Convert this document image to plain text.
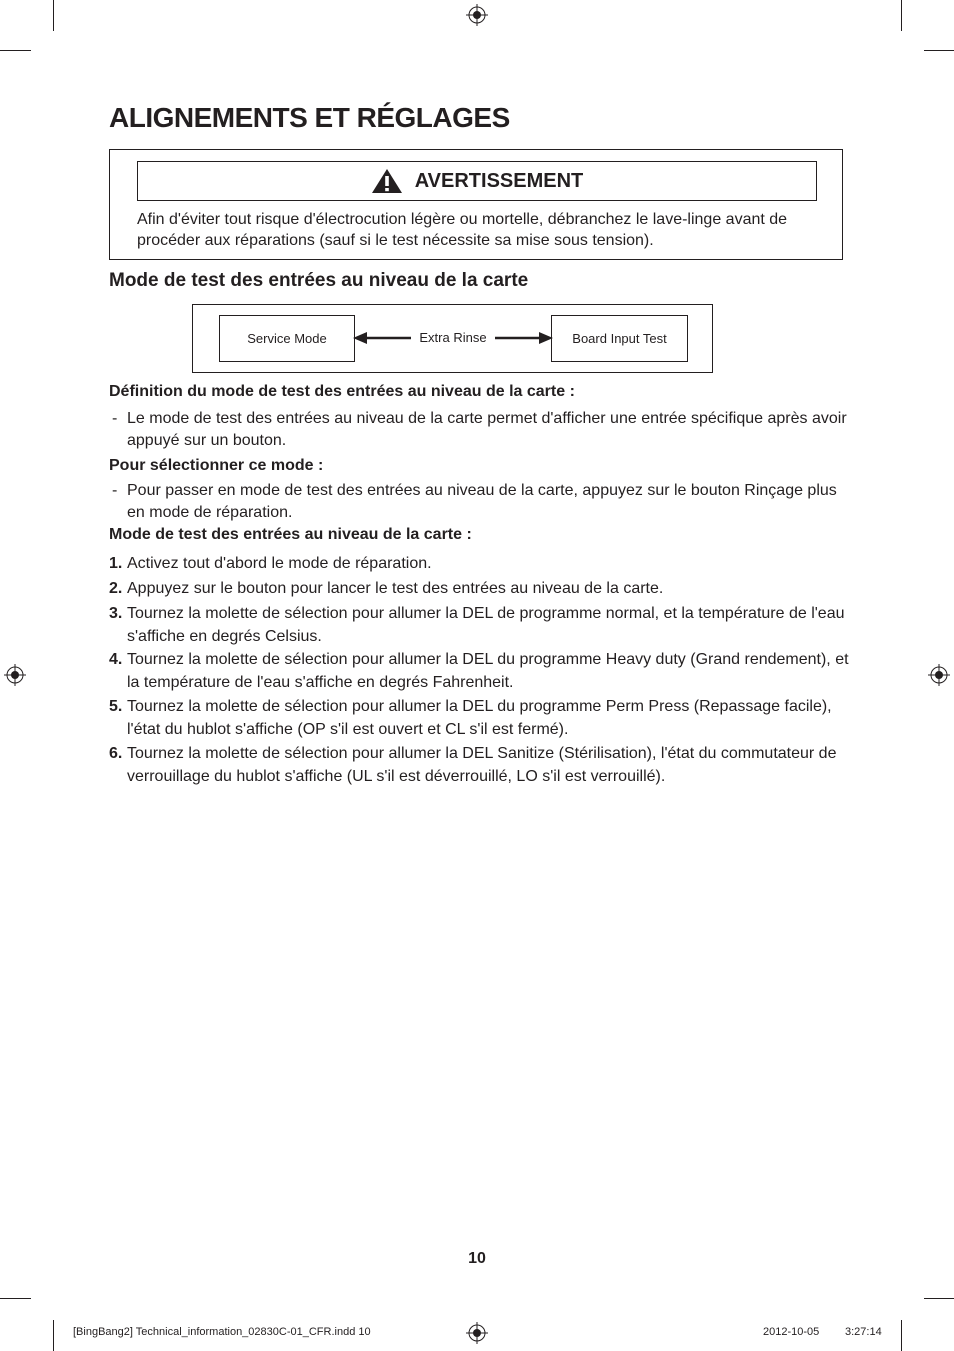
ALIGNEMENTS ET RÉGLAGES
AVERTISSEMENT
Afin d'éviter tout risque d'électrocution légère ou mortelle, débranchez le lave-linge avant de procéder aux réparations (sauf si le test nécessite sa mise sous tension).
Mode de test des entrées au niveau de la carte
Service Mode	Extra Rinse	Board Input Test
Définition du mode de test des entrées au niveau de la carte :
- Le mode de test des entrées au niveau de la carte permet d'afficher une entrée spécifique après avoir appuyé sur un bouton.
Pour sélectionner ce mode :
- Pour passer en mode de test des entrées au niveau de la carte, appuyez sur le bouton Rinçage plus en mode de réparation.
Mode de test des entrées au niveau de la carte :
1. Activez tout d'abord le mode de réparation.
2. Appuyez sur le bouton pour lancer le test des entrées au niveau de la carte.
3. Tournez la molette de sélection pour allumer la DEL de programme normal, et la température de l'eau s'affiche en degrés Celsius.
4. Tournez la molette de sélection pour allumer la DEL du programme Heavy duty (Grand rendement), et la température de l'eau s'affiche en degrés Fahrenheit.
5. Tournez la molette de sélection pour allumer la DEL du programme Perm Press (Repassage facile), l'état du hublot s'affiche (OP s'il est ouvert et CL s'il est fermé).
6. Tournez la molette de sélection pour allumer la DEL Sanitize (Stérilisation), l'état du commutateur de verrouillage du hublot s'affiche (UL s'il est déverrouillé, LO s'il est verrouillé).
10
[BingBang2] Technical_information_02830C-01_CFR.indd 10	2012-10-05 3:27:14
